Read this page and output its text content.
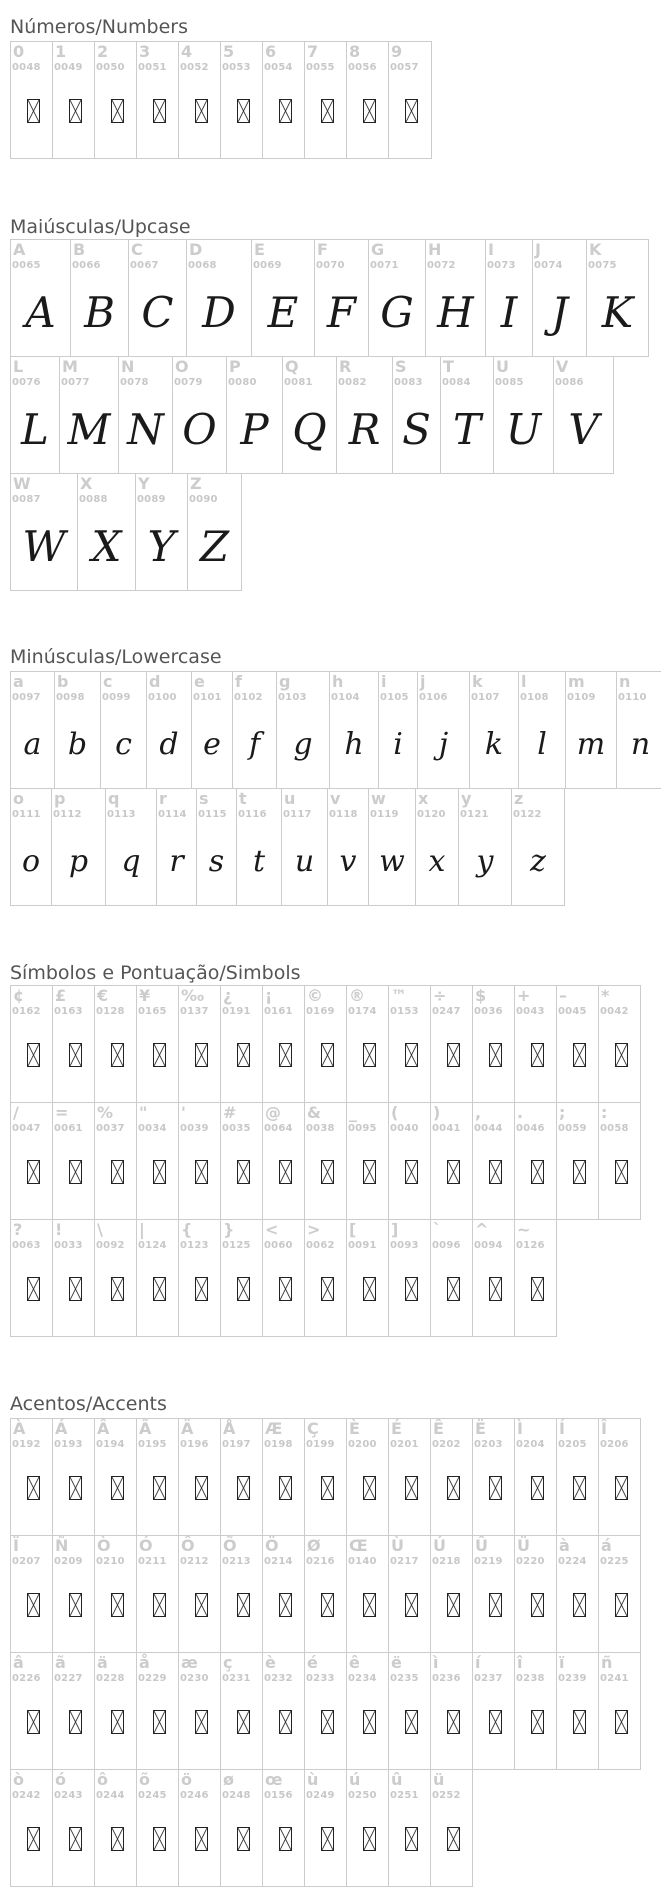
Números/Numbers
0
0048
1
0049
2
0050
3
0051
4
0052
5
0053
6
0054
7
0055
8
0056
9
0057
Maiúsculas/Upcase
A
0065
A
B
0066
B
C
0067
C
D
0068
D
E
0069
E
F
0070
F
G
0071
G
H
0072
H
I
0073
I
J
0074
J
K
0075
K
L
0076
L
M
0077
M
N
0078
N
O
0079
O
P
0080
P
Q
0081
Q
R
0082
R
S
0083
S
T
0084
T
U
0085
U
V
0086
V
W
0087
W
X
0088
X
Y
0089
Y
Z
0090
Z
Minúsculas/Lowercase
a
0097
a
b
0098
b
c
0099
c
d
0100
d
e
0101
e
f
0102
f
g
0103
g
h
0104
h
i
0105
i
j
0106
j
k
0107
k
l
0108
l
m
0109
m
n
0110
n
o
0111
o
p
0112
p
q
0113
q
r
0114
r
s
0115
s
t
0116
t
u
0117
u
v
0118
v
w
0119
w
x
0120
x
y
0121
y
z
0122
z
Símbolos e Pontuação/Simbols
¢
0162
£
0163
€
0128
¥
0165
‰
0137
¿
0191
¡
0161
©
0169
®
0174
™
0153
÷
0247
$
0036
+
0043
–
0045
*
0042
/
0047
=
0061
%
0037
"
0034
'
0039
#
0035
@
0064
&
0038
_
0095
(
0040
)
0041
,
0044
.
0046
;
0059
:
0058
?
0063
!
0033
\
0092
|
0124
{
0123
}
0125
<
0060
>
0062
[
0091
]
0093
`
0096
^
0094
~
0126
Acentos/Accents
À
0192
Á
0193
Â
0194
Ã
0195
Ä
0196
Å
0197
Æ
0198
Ç
0199
È
0200
É
0201
Ê
0202
Ë
0203
Ì
0204
Í
0205
Î
0206
Ï
0207
Ñ
0209
Ò
0210
Ó
0211
Ô
0212
Õ
0213
Ö
0214
Ø
0216
Œ
0140
Ù
0217
Ú
0218
Û
0219
Ü
0220
à
0224
á
0225
â
0226
ã
0227
ä
0228
å
0229
æ
0230
ç
0231
è
0232
é
0233
ê
0234
ë
0235
ì
0236
í
0237
î
0238
ï
0239
ñ
0241
ò
0242
ó
0243
ô
0244
õ
0245
ö
0246
ø
0248
œ
0156
ù
0249
ú
0250
û
0251
ü
0252
